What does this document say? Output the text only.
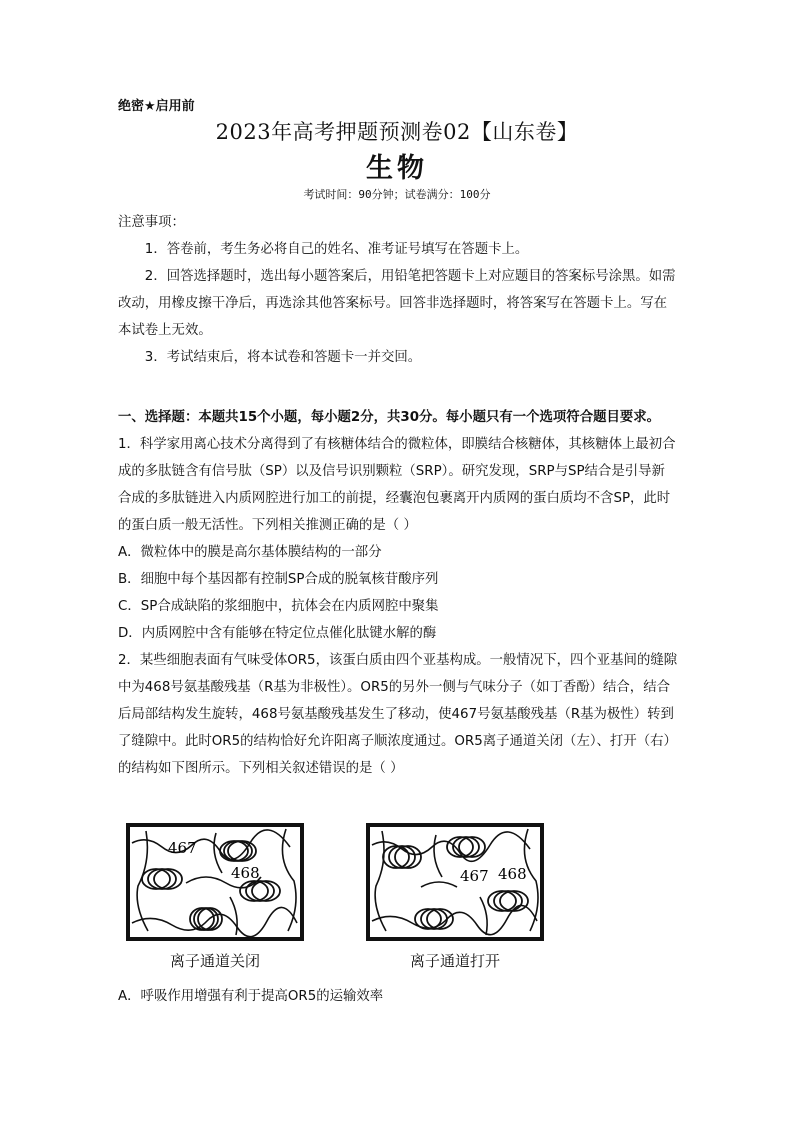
绝密★启用前
2023年高考押题预测卷02【山东卷】
生物
考试时间：90分钟；试卷满分：100分
注意事项：
1．答卷前，考生务必将自己的姓名、准考证号填写在答题卡上。
2．回答选择题时，选出每小题答案后，用铅笔把答题卡上对应题目的答案标号涂黑。如需改动，用橡皮擦干净后，再选涂其他答案标号。回答非选择题时，将答案写在答题卡上。写在本试卷上无效。
3．考试结束后，将本试卷和答题卡一并交回。
一、选择题：本题共15个小题，每小题2分，共30分。每小题只有一个选项符合题目要求。
1．科学家用离心技术分离得到了有核糖体结合的微粒体，即膜结合核糖体，其核糖体上最初合成的多肽链含有信号肽（SP）以及信号识别颗粒（SRP）。研究发现，SRP与SP结合是引导新合成的多肽链进入内质网腔进行加工的前提，经囊泡包裹离开内质网的蛋白质均不含SP，此时的蛋白质一般无活性。下列相关推测正确的是（ ）
A．微粒体中的膜是高尔基体膜结构的一部分
B．细胞中每个基因都有控制SP合成的脱氧核苷酸序列
C．SP合成缺陷的浆细胞中，抗体会在内质网腔中聚集
D．内质网腔中含有能够在特定位点催化肽键水解的酶
2．某些细胞表面有气味受体OR5，该蛋白质由四个亚基构成。一般情况下，四个亚基间的缝隙中为468号氨基酸残基（R基为非极性）。OR5的另外一侧与气味分子（如丁香酚）结合，结合后局部结构发生旋转，468号氨基酸残基发生了移动，使467号氨基酸残基（R基为极性）转到了缝隙中。此时OR5的结构恰好允许阳离子顺浓度通过。OR5离子通道关闭（左）、打开（右）的结构如下图所示。下列相关叙述错误的是（ ）
467
468
离子通道关闭
467 468
离子通道打开
A．呼吸作用增强有利于提高OR5的运输效率
